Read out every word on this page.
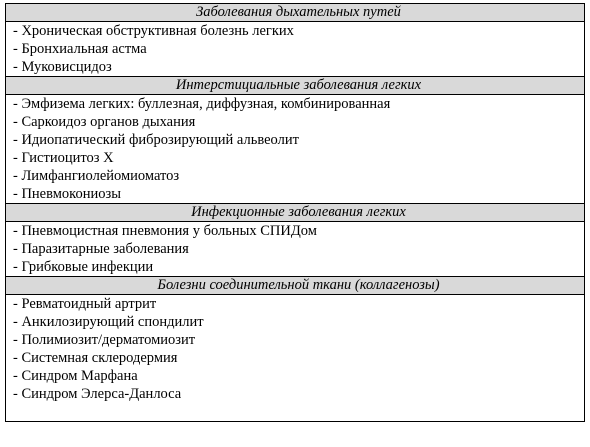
Заболевания дыхательных путей

- Хроническая обструктивная болезнь легких
- Бронхиальная астма
- Муковисцидоз

Интерстициальные заболевания легких

- Эмфизема легких: буллезная, диффузная, комбинированная
- Саркоидоз органов дыхания
- Идиопатический фиброзирующий альвеолит
- Гистиоцитоз Х
- Лимфангиолейомиоматоз
- Пневмокониозы

Инфекционные заболевания легких

- Пневмоцистная пневмония у больных СПИДом
- Паразитарные заболевания
- Грибковые инфекции

Болезни соединительной ткани (коллагенозы)

- Ревматоидный артрит
- Анкилозирующий спондилит
- Полимиозит/дерматомиозит
- Системная склеродермия
- Синдром Марфана
- Синдром Элерса-Данлоса
